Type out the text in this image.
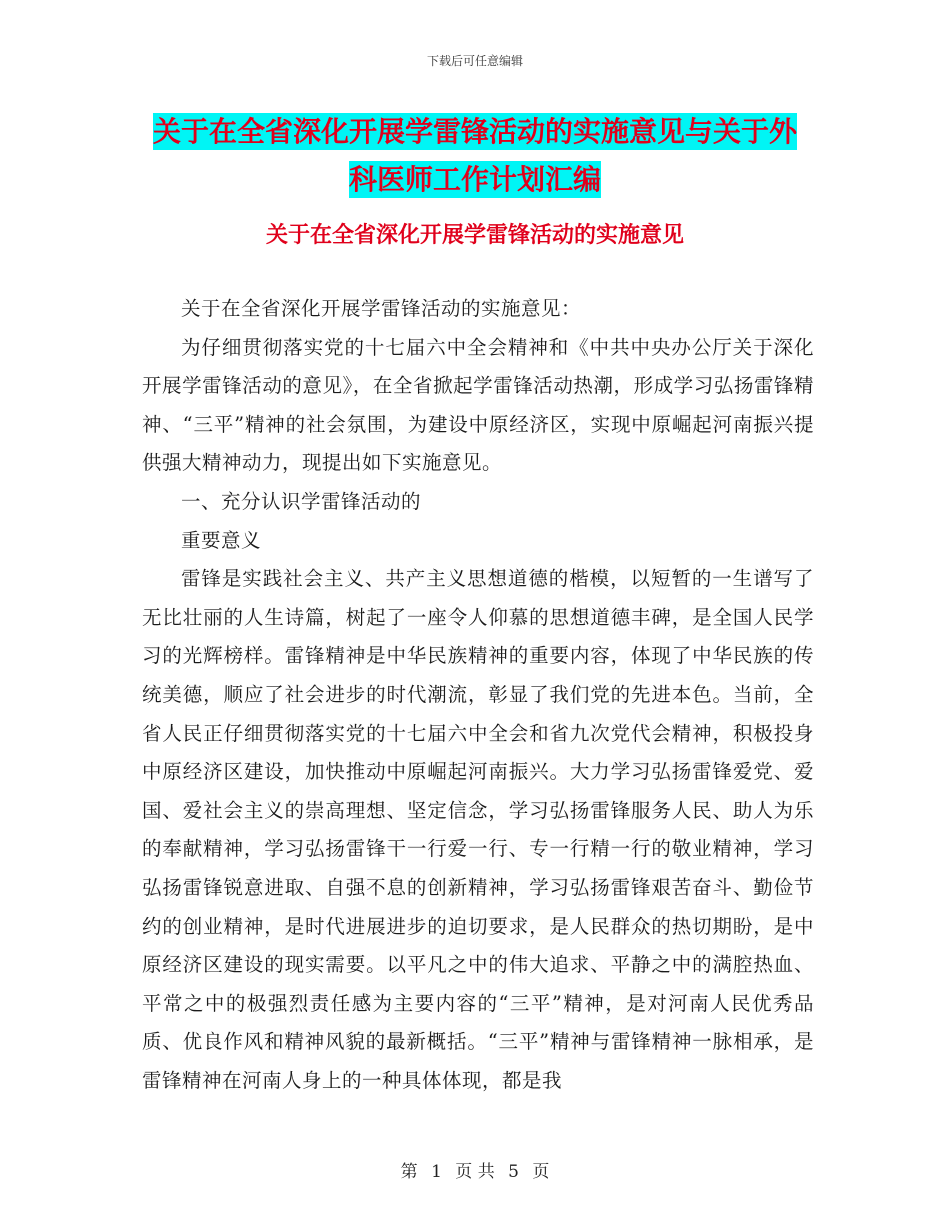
下载后可任意编辑
关于在全省深化开展学雷锋活动的实施意见与关于外
科医师工作计划汇编
关于在全省深化开展学雷锋活动的实施意见

关于在全省深化开展学雷锋活动的实施意见：

为仔细贯彻落实党的十七届六中全会精神和《中共中央办公厅关于深化开展学雷锋活动的意见》，在全省掀起学雷锋活动热潮，形成学习弘扬雷锋精神、“三平”精神的社会氛围，为建设中原经济区，实现中原崛起河南振兴提供强大精神动力，现提出如下实施意见。

一、充分认识学雷锋活动的

重要意义

雷锋是实践社会主义、共产主义思想道德的楷模，以短暂的一生谱写了无比壮丽的人生诗篇，树起了一座令人仰慕的思想道德丰碑，是全国人民学习的光辉榜样。雷锋精神是中华民族精神的重要内容，体现了中华民族的传统美德，顺应了社会进步的时代潮流，彰显了我们党的先进本色。当前，全省人民正仔细贯彻落实党的十七届六中全会和省九次党代会精神，积极投身中原经济区建设，加快推动中原崛起河南振兴。大力学习弘扬雷锋爱党、爱国、爱社会主义的崇高理想、坚定信念，学习弘扬雷锋服务人民、助人为乐的奉献精神，学习弘扬雷锋干一行爱一行、专一行精一行的敬业精神，学习弘扬雷锋锐意进取、自强不息的创新精神，学习弘扬雷锋艰苦奋斗、勤俭节约的创业精神，是时代进展进步的迫切要求，是人民群众的热切期盼，是中原经济区建设的现实需要。以平凡之中的伟大追求、平静之中的满腔热血、平常之中的极强烈责任感为主要内容的“三平”精神，是对河南人民优秀品质、优良作风和精神风貌的最新概括。“三平”精神与雷锋精神一脉相承，是雷锋精神在河南人身上的一种具体体现，都是我

第 1 页 共 5 页
